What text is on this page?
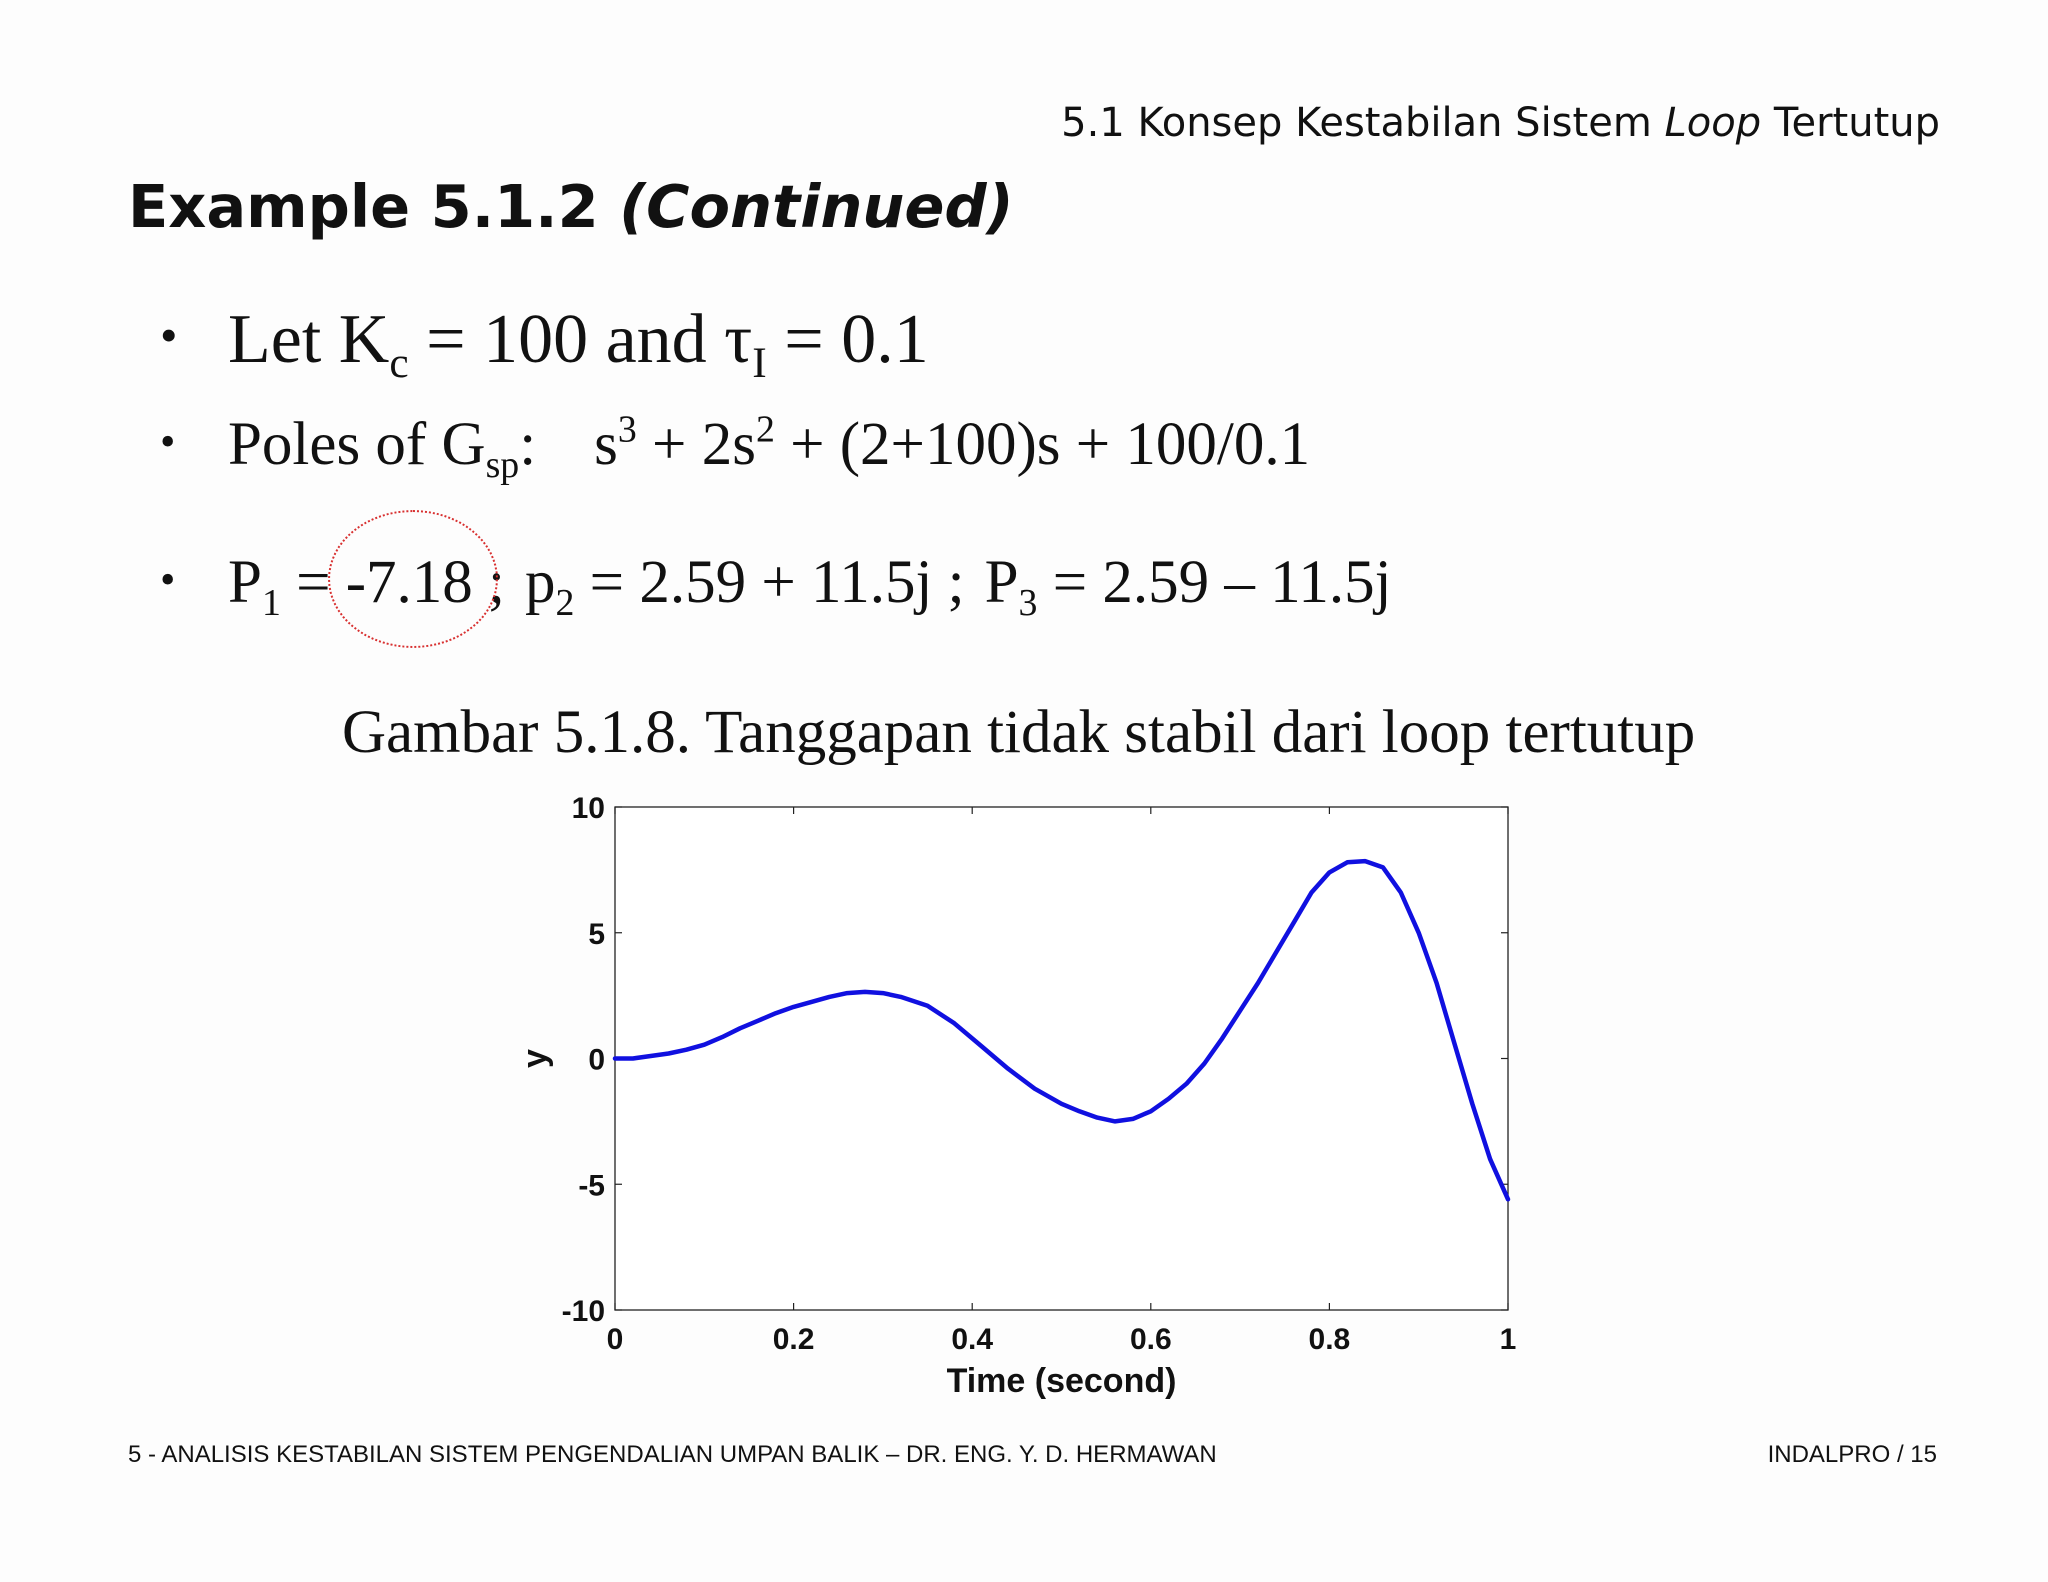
5.1 Konsep Kestabilan Sistem Loop Tertutup
Example 5.1.2 (Continued)
• Let $K_c = 100$ and $\tau_I = 0.1$
• Poles of $G_{sp}$: $s^3 + 2s^2 + (2+100)s + 100/0.1$
• $P_1 = -7.18$ ; $p_2 = 2.59 + 11.5j$ ; $P_3 = 2.59 - 11.5j$
Gambar 5.1.8. Tanggapan tidak stabil dari loop tertutup
0	0.2	0.4	0.6	0.8	1
-10
-5
0
5
10
Time (second)
y
5 - ANALISIS KESTABILAN SISTEM PENGENDALIAN UMPAN BALIK – DR. ENG. Y. D. HERMAWAN	INDALPRO / 15
